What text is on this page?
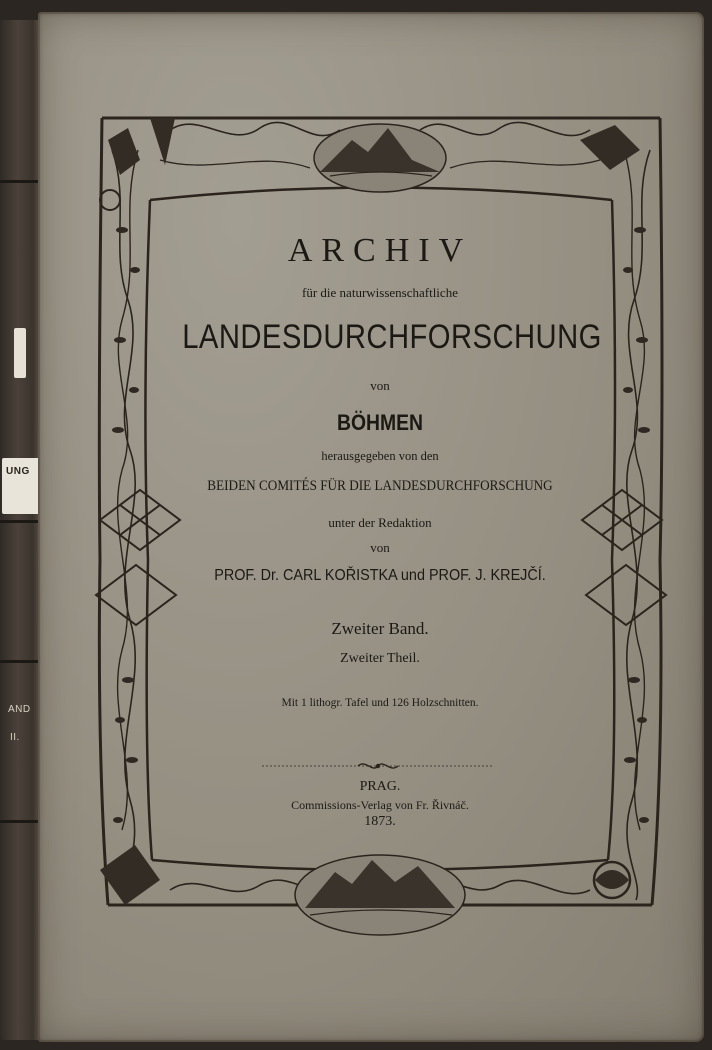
UNG
AND
II.
ARCHIV
für die naturwissenschaftliche
LANDESDURCHFORSCHUNG
von
BÖHMEN
herausgegeben von den
BEIDEN COMITÉS FÜR DIE LANDESDURCHFORSCHUNG
unter der Redaktion
von
PROF. Dr. CARL KOŘISTKA und PROF. J. KREJČÍ.
Zweiter Band.
Zweiter Theil.
Mit 1 lithogr. Tafel und 126 Holzschnitten.
PRAG.
Commissions-Verlag von Fr. Řivnáč.
1873.
